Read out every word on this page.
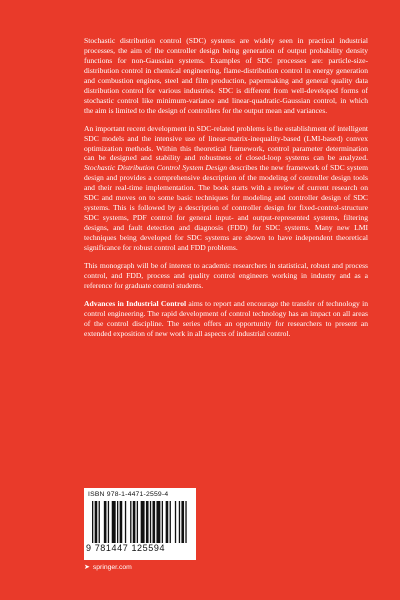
Stochastic distribution control (SDC) systems are widely seen in practical industrial processes, the aim of the controller design being generation of output probability density functions for non-Gaussian systems. Examples of SDC processes are: particle-size-distribution control in chemical engineering, flame-distribution control in energy generation and combustion engines, steel and film production, papermaking and general quality data distribution control for various industries. SDC is different from well-developed forms of stochastic control like minimum-variance and linear-quadratic-Gaussian control, in which the aim is limited to the design of controllers for the output mean and variances.

An important recent development in SDC-related problems is the establishment of intelligent SDC models and the intensive use of linear-matrix-inequality-based (LMI-based) convex optimization methods. Within this theoretical framework, control parameter determination can be designed and stability and robustness of closed-loop systems can be analyzed. Stochastic Distribution Control System Design describes the new framework of SDC system design and provides a comprehensive description of the modeling of controller design tools and their real-time implementation. The book starts with a review of current research on SDC and moves on to some basic techniques for modeling and controller design of SDC systems. This is followed by a description of controller design for fixed-control-structure SDC systems, PDF control for general input- and output-represented systems, filtering designs, and fault detection and diagnosis (FDD) for SDC systems. Many new LMI techniques being developed for SDC systems are shown to have independent theoretical significance for robust control and FDD problems.

This monograph will be of interest to academic researchers in statistical, robust and process control, and FDD, process and quality control engineers working in industry and as a reference for graduate control students.

Advances in Industrial Control aims to report and encourage the transfer of technology in control engineering. The rapid development of control technology has an impact on all areas of the control discipline. The series offers an opportunity for researchers to present an extended exposition of new work in all aspects of industrial control.

ISBN 978-1-4471-2559-4
9 781447 125594
➤ springer.com
